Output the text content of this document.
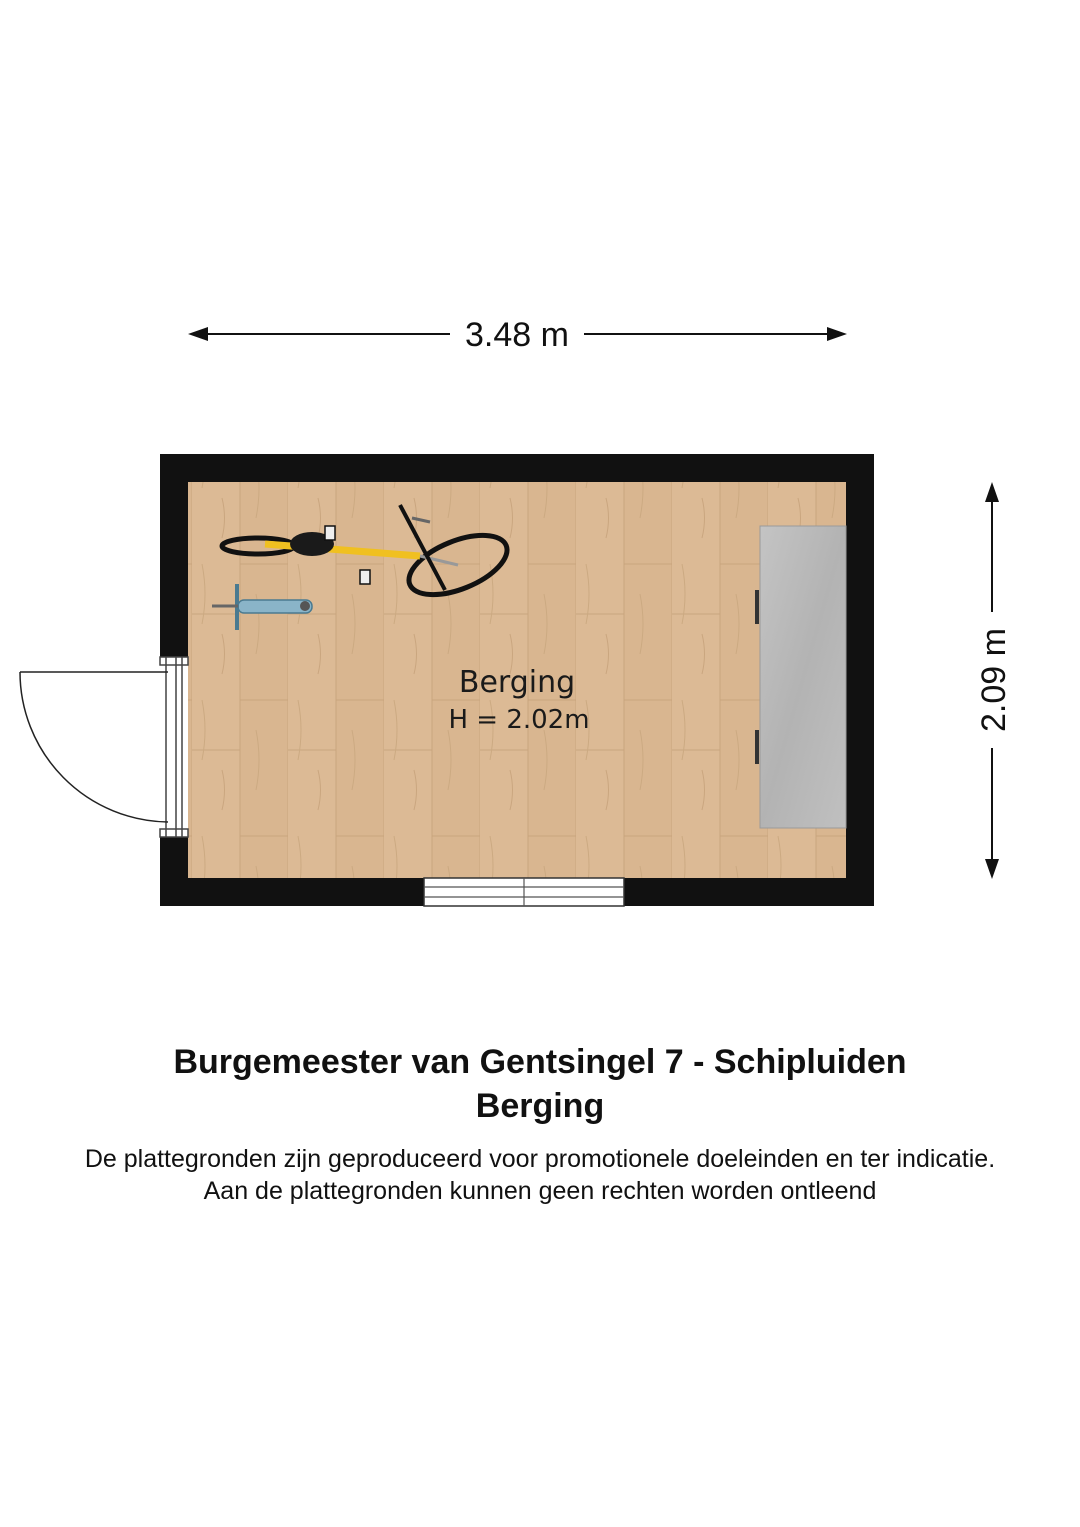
3.48 m
2.09 m
Berging
H = 2.02m
Burgemeester van Gentsingel 7 - Schipluiden
Berging
De plattegronden zijn geproduceerd voor promotionele doeleinden en ter indicatie.
Aan de plattegronden kunnen geen rechten worden ontleend
